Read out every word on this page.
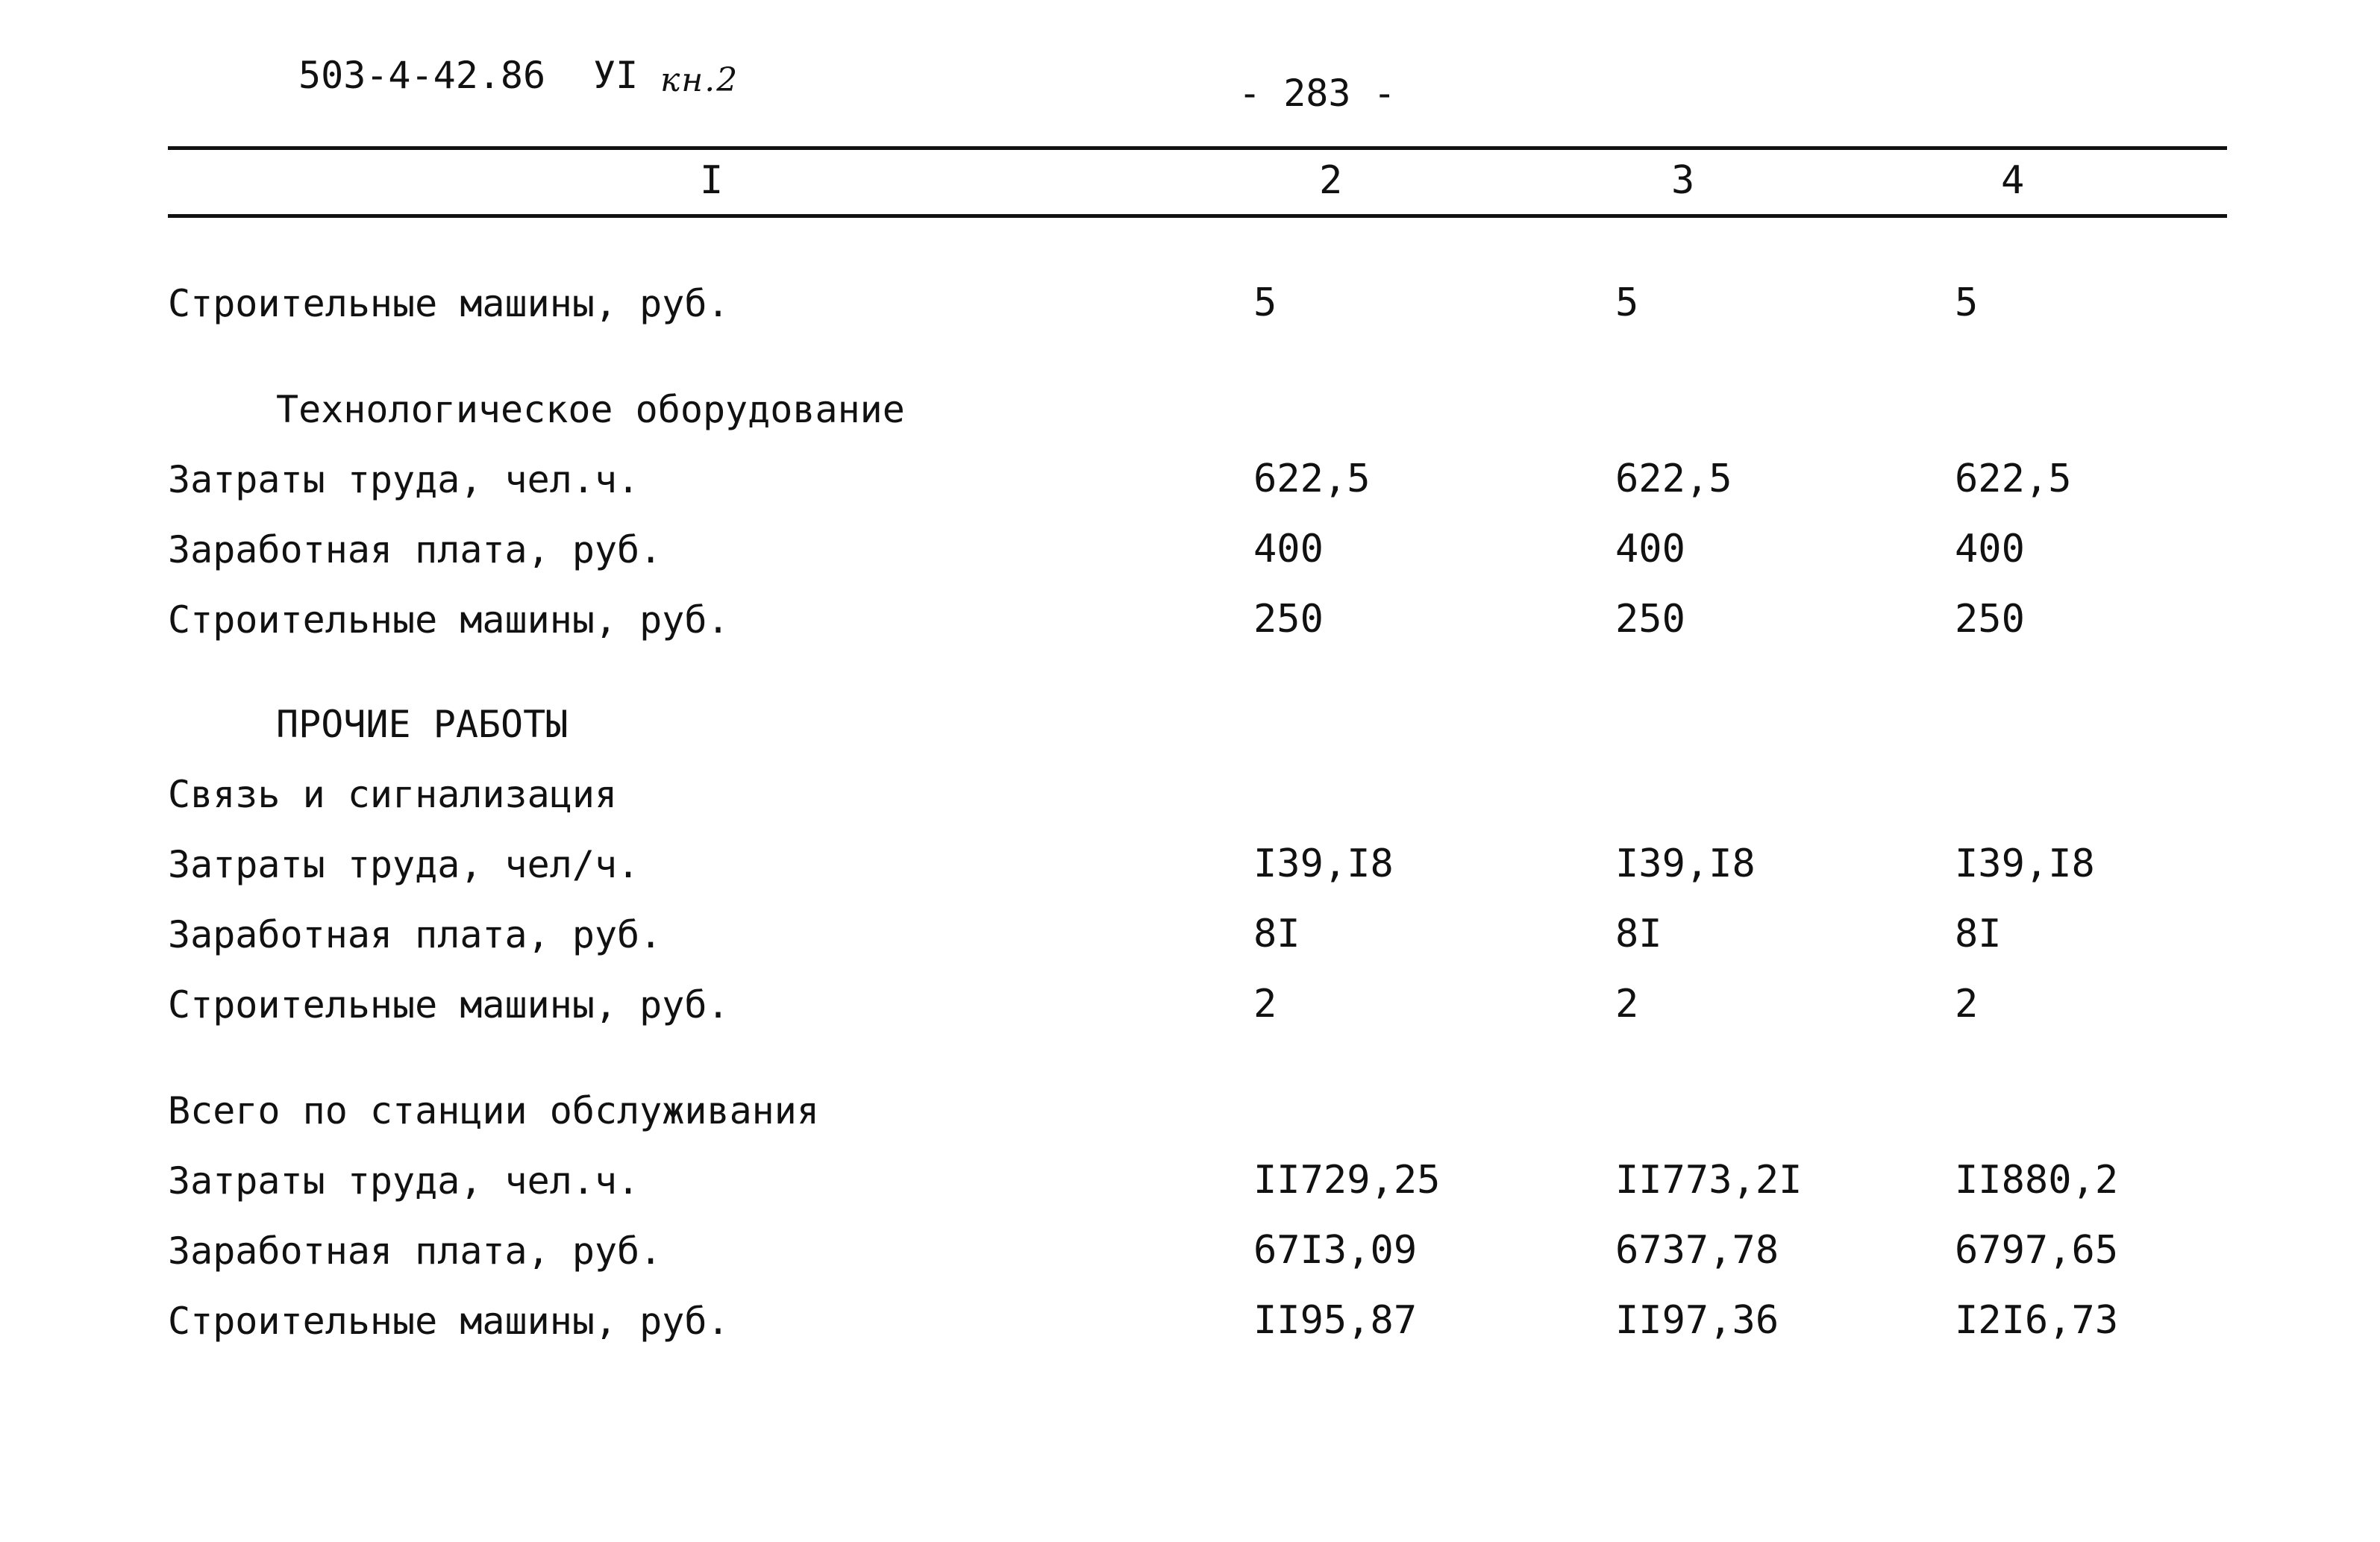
503-4-42.86 УI кн.2	- 283 -
I	2	3	4
Строительные машины, руб.	5	5	5
Технологическое оборудование
Затраты труда, чел.ч.	622,5	622,5	622,5
Заработная плата, руб.	400	400	400
Строительные машины, руб.	250	250	250
ПРОЧИЕ РАБОТЫ
Связь и сигнализация
Затраты труда, чел/ч.	I39,I8	I39,I8	I39,I8
Заработная плата, руб.	8I	8I	8I
Строительные машины, руб.	2	2	2
Всего по станции обслуживания
Затраты труда, чел.ч.	II729,25	II773,2I	II880,2
Заработная плата, руб.	67I3,09	6737,78	6797,65
Строительные машины, руб.	II95,87	II97,36	I2I6,73
